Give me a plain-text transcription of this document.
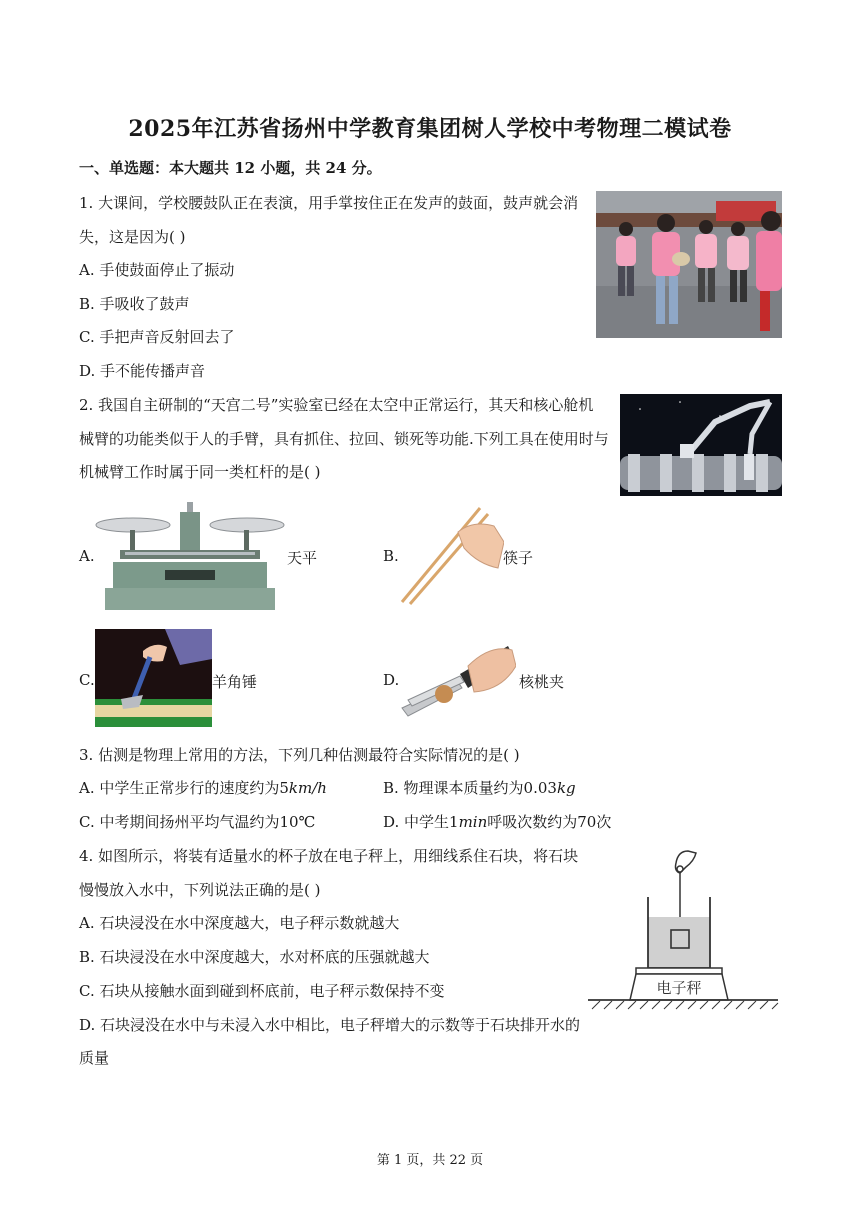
2025年江苏省扬州中学教育集团树人学校中考物理二模试卷
一、单选题：本大题共 12 小题，共 24 分。
1. 大课间，学校腰鼓队正在表演，用手掌按住正在发声的鼓面，鼓声就会消
失，这是因为( )
A. 手使鼓面停止了振动
B. 手吸收了鼓声
C. 手把声音反射回去了
D. 手不能传播声音
2. 我国自主研制的“天宫二号”实验室已经在太空中正常运行，其天和核心舱机
械臂的功能类似于人的手臂，具有抓住、拉回、锁死等功能.下列工具在使用时与
机械臂工作时属于同一类杠杆的是( )
A.	天平	B.	筷子
C.	羊角锤	D.	核桃夹
3. 估测是物理上常用的方法，下列几种估测最符合实际情况的是( )
A. 中学生正常步行的速度约为5km/h	B. 物理课本质量约为0.03kg
C. 中考期间扬州平均气温约为10℃	D. 中学生1min呼吸次数约为70次
4. 如图所示，将装有适量水的杯子放在电子秤上，用细线系住石块，将石块
慢慢放入水中，下列说法正确的是( )
A. 石块浸没在水中深度越大，电子秤示数就越大
B. 石块浸没在水中深度越大，水对杯底的压强就越大
C. 石块从接触水面到碰到杯底前，电子秤示数保持不变
D. 石块浸没在水中与未浸入水中相比，电子秤增大的示数等于石块排开水的
质量
电子秤
第 1 页，共 22 页
